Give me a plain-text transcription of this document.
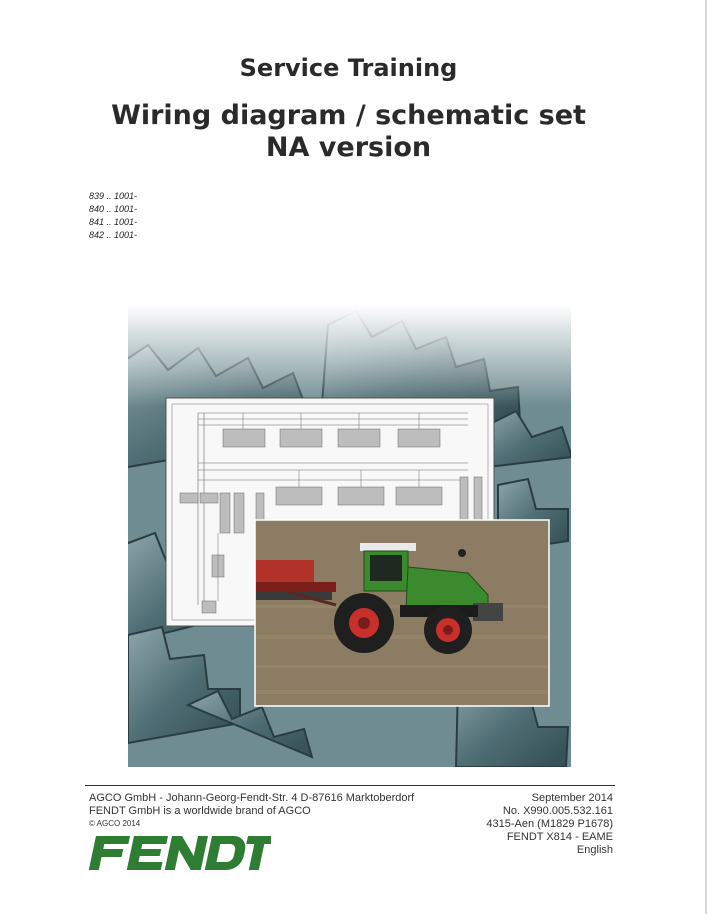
Service Training
Wiring diagram / schematic set
NA version
839 .. 1001-
840 .. 1001-
841 .. 1001-
842 .. 1001-
AGCO GmbH - Johann-Georg-Fendt-Str. 4 D-87616 Marktoberdorf
FENDT GmbH is a worldwide brand of AGCO
© AGCO 2014
September 2014
No. X990.005.532.161
4315-Aen (M1829 P1678)
FENDT X814 - EAME
English
